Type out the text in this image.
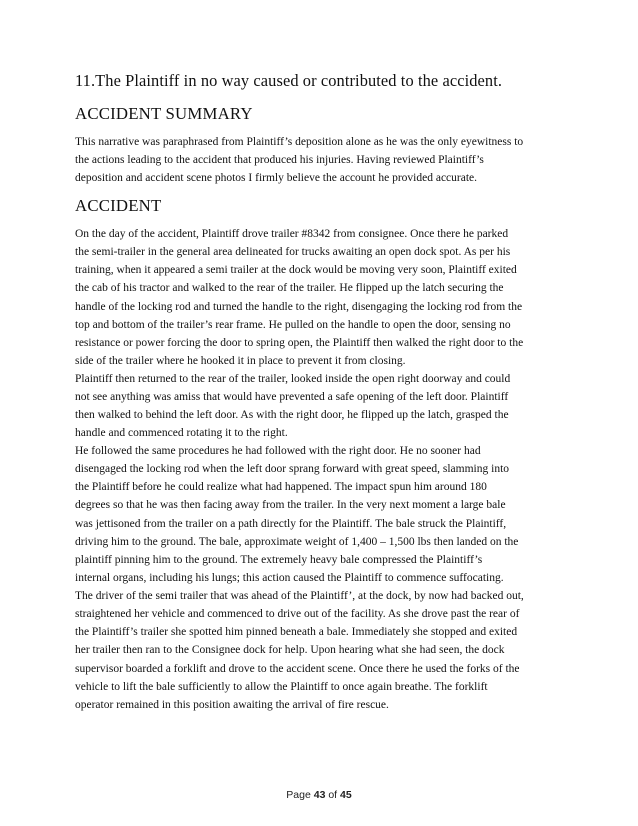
11.The Plaintiff in no way caused or contributed to the accident.
ACCIDENT SUMMARY
This narrative was paraphrased from Plaintiff’s deposition alone as he was the only eyewitness to
the actions leading to the accident that produced his injuries. Having reviewed Plaintiff’s
deposition and accident scene photos I firmly believe the account he provided accurate.
ACCIDENT
On the day of the accident, Plaintiff drove trailer #8342 from consignee. Once there he parked
the semi-trailer in the general area delineated for trucks awaiting an open dock spot. As per his
training, when it appeared a semi trailer at the dock would be moving very soon, Plaintiff exited
the cab of his tractor and walked to the rear of the trailer. He flipped up the latch securing the
handle of the locking rod and turned the handle to the right, disengaging the locking rod from the
top and bottom of the trailer’s rear frame. He pulled on the handle to open the door, sensing no
resistance or power forcing the door to spring open, the Plaintiff then walked the right door to the
side of the trailer where he hooked it in place to prevent it from closing.
Plaintiff then returned to the rear of the trailer, looked inside the open right doorway and could
not see anything was amiss that would have prevented a safe opening of the left door. Plaintiff
then walked to behind the left door. As with the right door, he flipped up the latch, grasped the
handle and commenced rotating it to the right.
He followed the same procedures he had followed with the right door. He no sooner had
disengaged the locking rod when the left door sprang forward with great speed, slamming into
the Plaintiff before he could realize what had happened. The impact spun him around 180
degrees so that he was then facing away from the trailer. In the very next moment a large bale
was jettisoned from the trailer on a path directly for the Plaintiff. The bale struck the Plaintiff,
driving him to the ground. The bale, approximate weight of 1,400 – 1,500 lbs then landed on the
plaintiff pinning him to the ground. The extremely heavy bale compressed the Plaintiff’s
internal organs, including his lungs; this action caused the Plaintiff to commence suffocating.
The driver of the semi trailer that was ahead of the Plaintiff’, at the dock, by now had backed out,
straightened her vehicle and commenced to drive out of the facility. As she drove past the rear of
the Plaintiff’s trailer she spotted him pinned beneath a bale. Immediately she stopped and exited
her trailer then ran to the Consignee dock for help. Upon hearing what she had seen, the dock
supervisor boarded a forklift and drove to the accident scene. Once there he used the forks of the
vehicle to lift the bale sufficiently to allow the Plaintiff to once again breathe. The forklift
operator remained in this position awaiting the arrival of fire rescue.
Page 43 of 45
